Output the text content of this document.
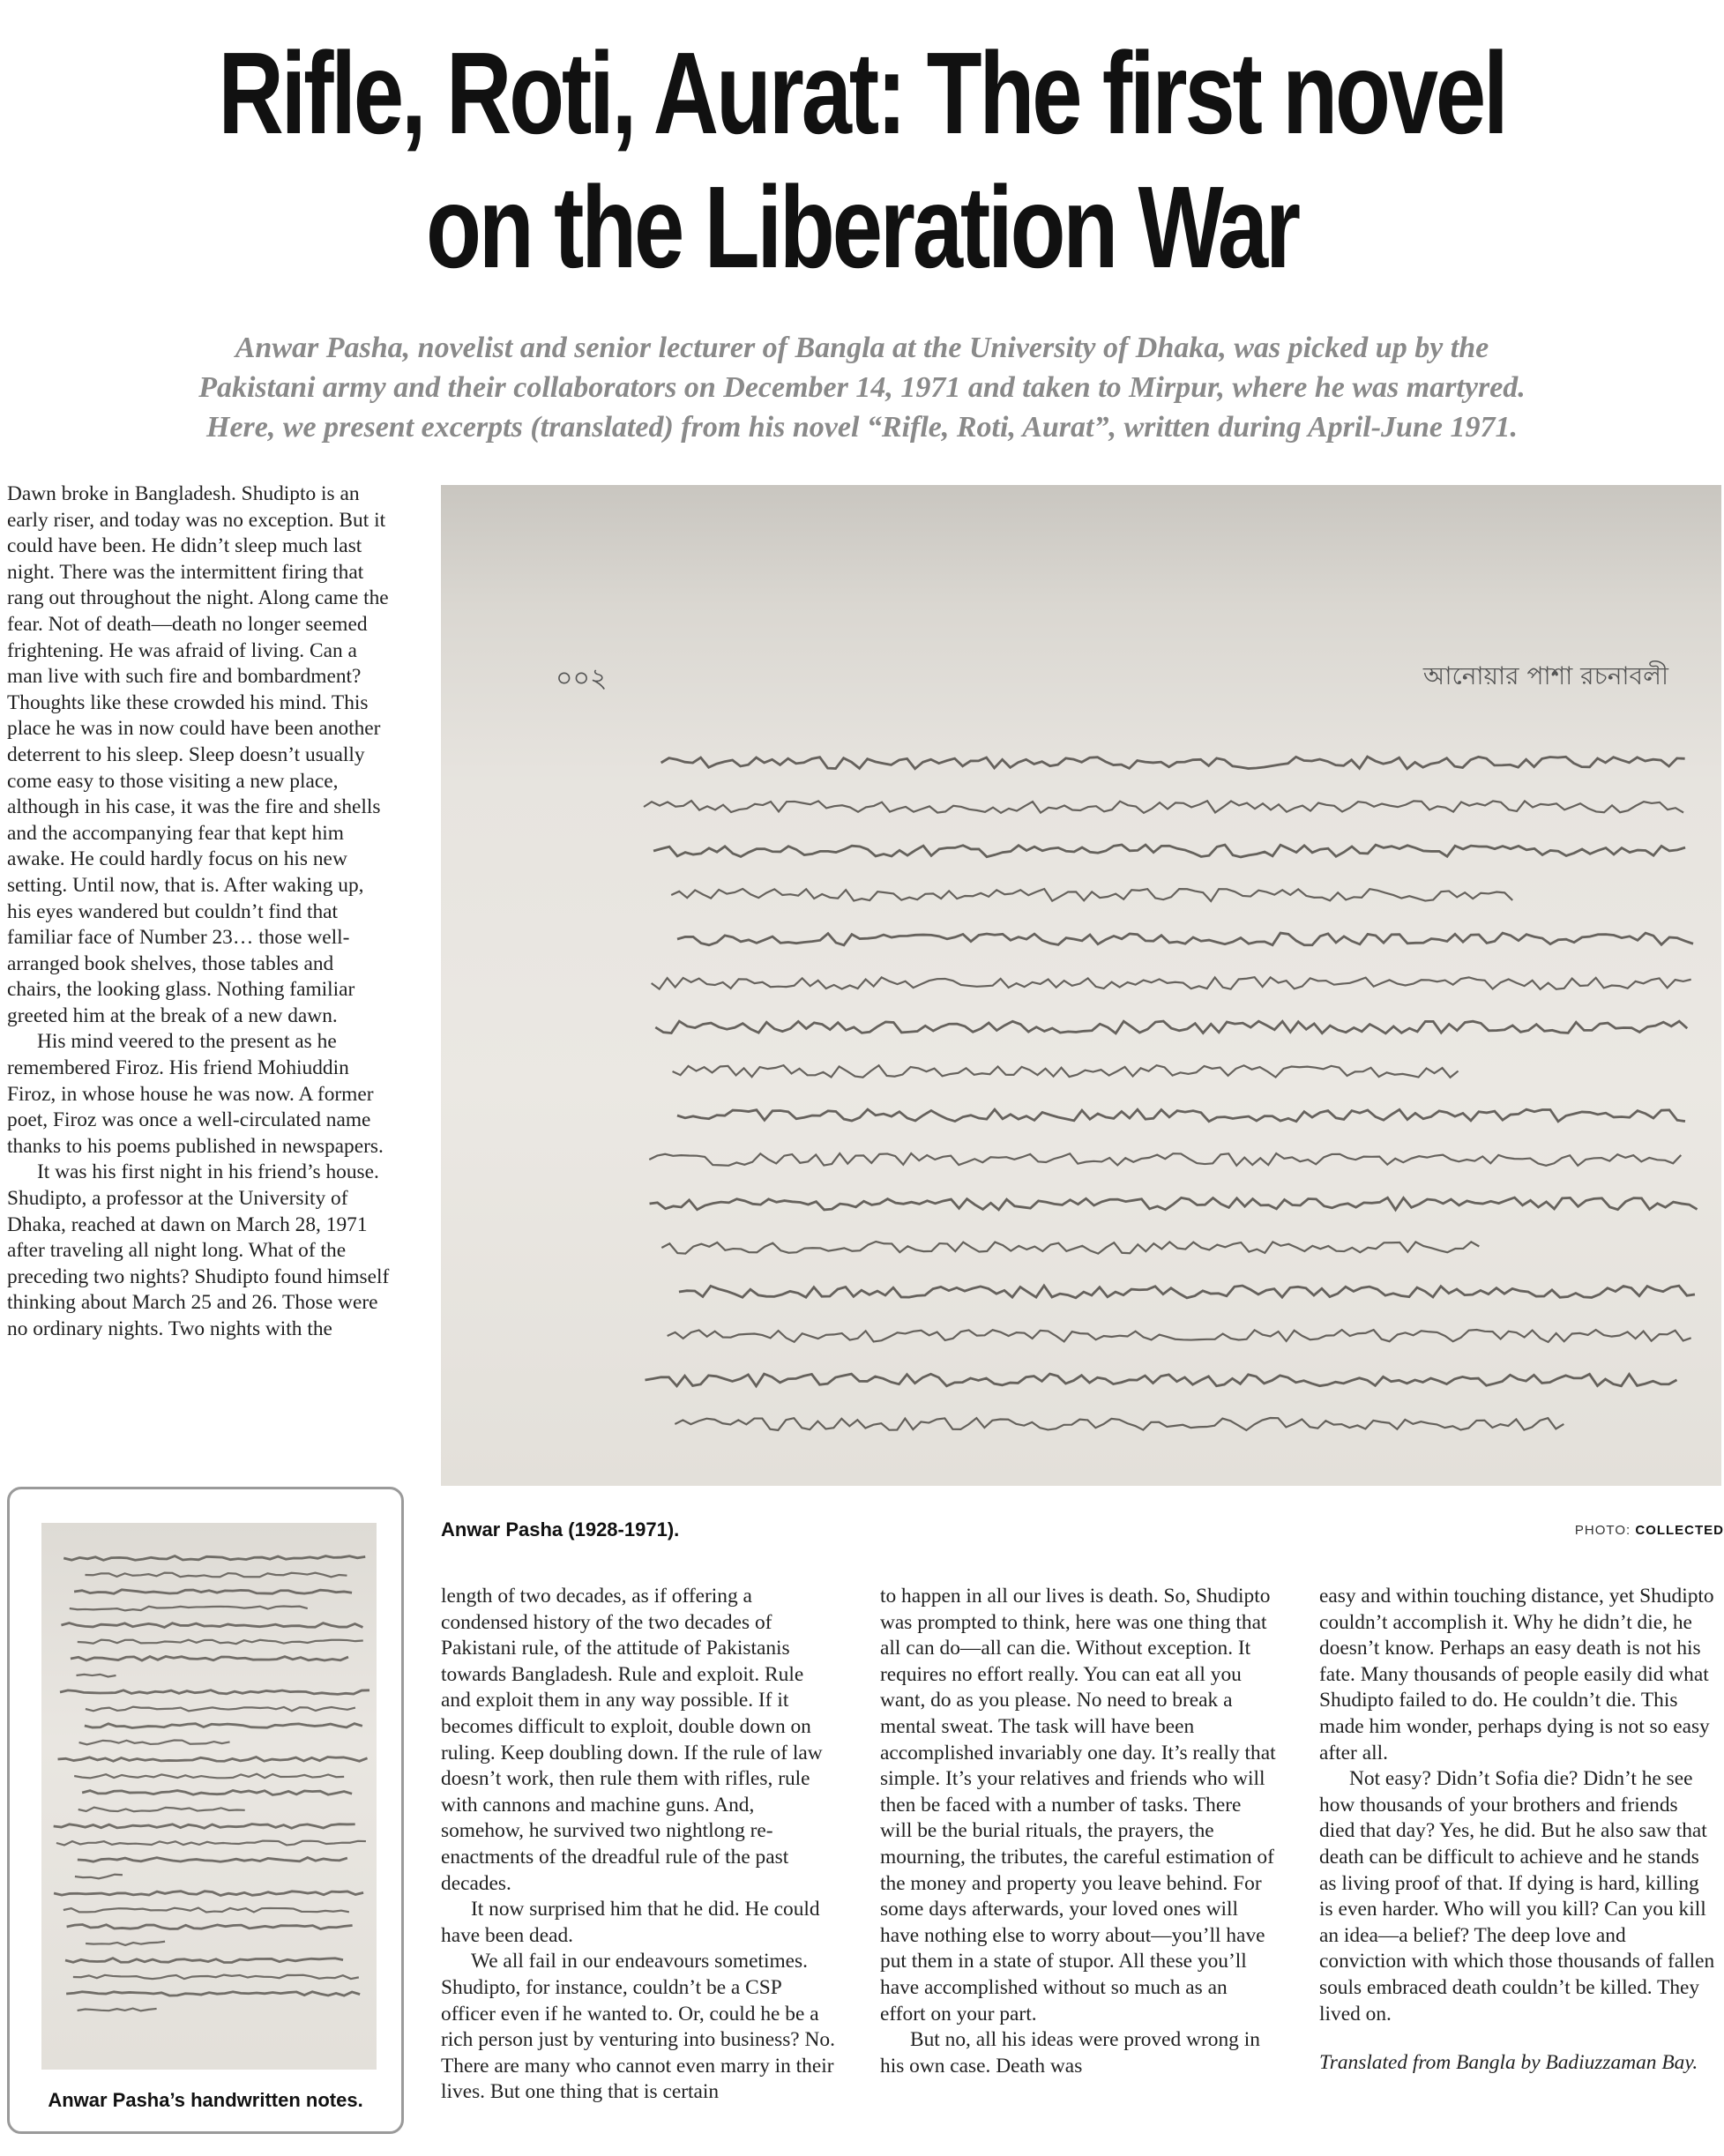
Rifle, Roti, Aurat: The first novel
on the Liberation War
Anwar Pasha, novelist and senior lecturer of Bangla at the University of Dhaka, was picked up by the
Pakistani army and their collaborators on December 14, 1971 and taken to Mirpur, where he was martyred.
Here, we present excerpts (translated) from his novel “Rifle, Roti, Aurat”, written during April-June 1971.

Dawn broke in Bangladesh. Shudipto is an early riser, and today was no exception. But it could have been. He didn’t sleep much last night. There was the intermittent firing that rang out throughout the night. Along came the fear. Not of death—death no longer seemed frightening. He was afraid of living. Can a man live with such fire and bombardment? Thoughts like these crowded his mind. This place he was in now could have been another deterrent to his sleep. Sleep doesn’t usually come easy to those visiting a new place, although in his case, it was the fire and shells and the accompanying fear that kept him awake. He could hardly focus on his new setting. Until now, that is. After waking up, his eyes wandered but couldn’t find that familiar face of Number 23… those well-arranged book shelves, those tables and chairs, the looking glass. Nothing familiar greeted him at the break of a new dawn.

His mind veered to the present as he remembered Firoz. His friend Mohiuddin Firoz, in whose house he was now. A former poet, Firoz was once a well-circulated name thanks to his poems published in newspapers.

It was his first night in his friend’s house. Shudipto, a professor at the University of Dhaka, reached at dawn on March 28, 1971 after traveling all night long. What of the preceding two nights? Shudipto found himself thinking about March 25 and 26. Those were no ordinary nights. Two nights with the

০০২	আনোয়ার পাশা রচনাবলী
Anwar Pasha (1928-1971).	PHOTO: COLLECTED
Anwar Pasha’s handwritten notes.

length of two decades, as if offering a condensed history of the two decades of Pakistani rule, of the attitude of Pakistanis towards Bangladesh. Rule and exploit. Rule and exploit them in any way possible. If it becomes difficult to exploit, double down on ruling. Keep doubling down. If the rule of law doesn’t work, then rule them with rifles, rule with cannons and machine guns. And, somehow, he survived two nightlong re-enactments of the dreadful rule of the past decades.

It now surprised him that he did. He could have been dead.

We all fail in our endeavours sometimes. Shudipto, for instance, couldn’t be a CSP officer even if he wanted to. Or, could he be a rich person just by venturing into business? No. There are many who cannot even marry in their lives. But one thing that is certain

to happen in all our lives is death. So, Shudipto was prompted to think, here was one thing that all can do—all can die. Without exception. It requires no effort really. You can eat all you want, do as you please. No need to break a mental sweat. The task will have been accomplished invariably one day. It’s really that simple. It’s your relatives and friends who will then be faced with a number of tasks. There will be the burial rituals, the prayers, the mourning, the tributes, the careful estimation of the money and property you leave behind. For some days afterwards, your loved ones will have nothing else to worry about—you’ll have put them in a state of stupor. All these you’ll have accomplished without so much as an effort on your part.

But no, all his ideas were proved wrong in his own case. Death was

easy and within touching distance, yet Shudipto couldn’t accomplish it. Why he didn’t die, he doesn’t know. Perhaps an easy death is not his fate. Many thousands of people easily did what Shudipto failed to do. He couldn’t die. This made him wonder, perhaps dying is not so easy after all.

Not easy? Didn’t Sofia die? Didn’t he see how thousands of your brothers and friends died that day? Yes, he did. But he also saw that death can be difficult to achieve and he stands as living proof of that. If dying is hard, killing is even harder. Who will you kill? Can you kill an idea—a belief? The deep love and conviction with which those thousands of fallen souls embraced death couldn’t be killed. They lived on.

Translated from Bangla by Badiuzzaman Bay.
